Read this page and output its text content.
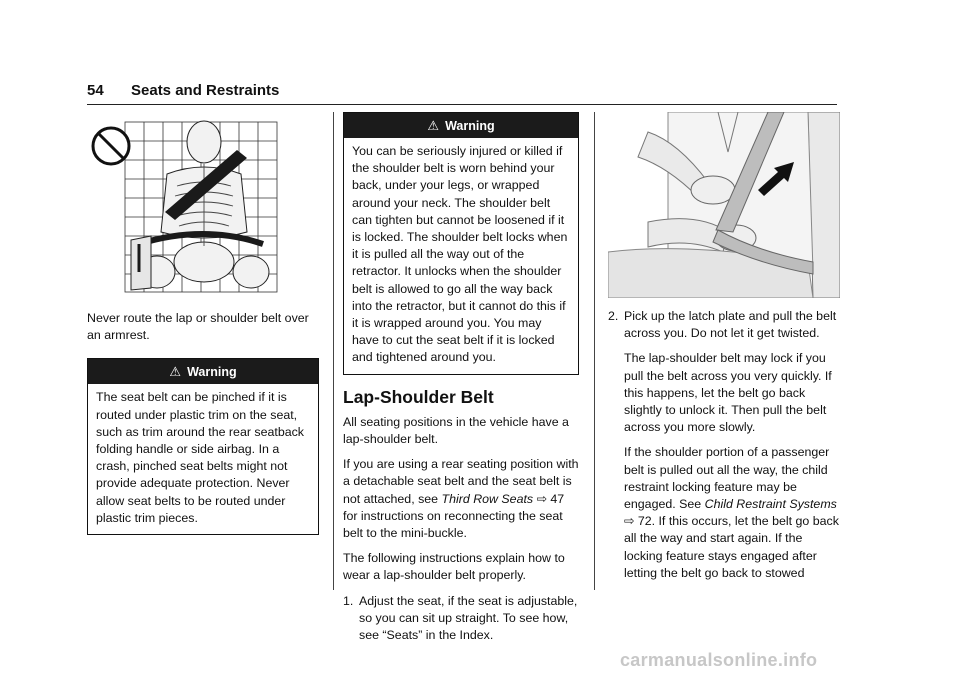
54 Seats and Restraints

Never route the lap or shoulder belt over an armrest.

⚠ Warning
The seat belt can be pinched if it is routed under plastic trim on the seat, such as trim around the rear seatback folding handle or side airbag. In a crash, pinched seat belts might not provide adequate protection. Never allow seat belts to be routed under plastic trim pieces.
⚠ Warning
You can be seriously injured or killed if the shoulder belt is worn behind your back, under your legs, or wrapped around your neck. The shoulder belt can tighten but cannot be loosened if it is locked. The shoulder belt locks when it is pulled all the way out of the retractor. It unlocks when the shoulder belt is allowed to go all the way back into the retractor, but it cannot do this if it is wrapped around you. You may have to cut the seat belt if it is locked and tightened around you.
Lap-Shoulder Belt

All seating positions in the vehicle have a lap-shoulder belt.

If you are using a rear seating position with a detachable seat belt and the seat belt is not attached, see Third Row Seats ⇨ 47 for instructions on reconnecting the seat belt to the mini-buckle.

The following instructions explain how to wear a lap-shoulder belt properly.

1. Adjust the seat, if the seat is adjustable, so you can sit up straight. To see how, see “Seats” in the Index.
2. Pick up the latch plate and pull the belt across you. Do not let it get twisted.

The lap-shoulder belt may lock if you pull the belt across you very quickly. If this happens, let the belt go back slightly to unlock it. Then pull the belt across you more slowly.

If the shoulder portion of a passenger belt is pulled out all the way, the child restraint locking feature may be engaged. See Child Restraint Systems ⇨ 72. If this occurs, let the belt go back all the way and start again. If the locking feature stays engaged after letting the belt go back to stowed

carmanualsonline.info
